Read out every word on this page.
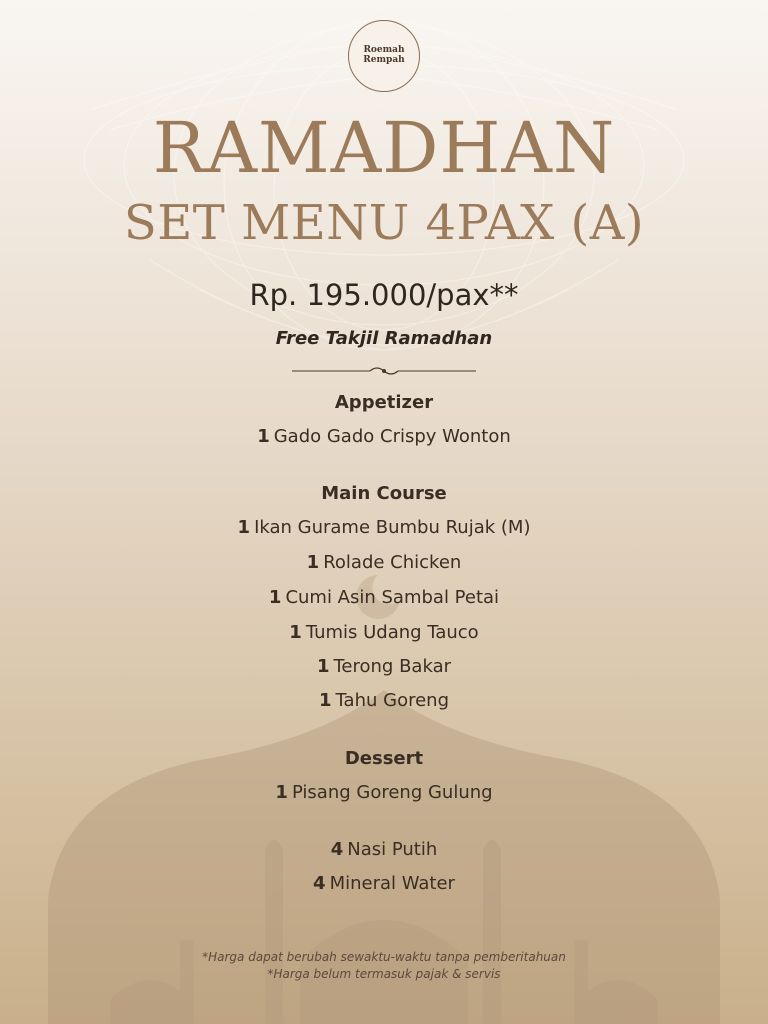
Roemah
Rempah
RAMADHAN
SET MENU 4PAX (A)
Rp. 195.000/pax**
Free Takjil Ramadhan
Appetizer
1 Gado Gado Crispy Wonton
Main Course
1 Ikan Gurame Bumbu Rujak (M)
1 Rolade Chicken
1 Cumi Asin Sambal Petai
1 Tumis Udang Tauco
1 Terong Bakar
1 Tahu Goreng
Dessert
1 Pisang Goreng Gulung
4 Nasi Putih
4 Mineral Water
*Harga dapat berubah sewaktu-waktu tanpa pemberitahuan
*Harga belum termasuk pajak & servis
